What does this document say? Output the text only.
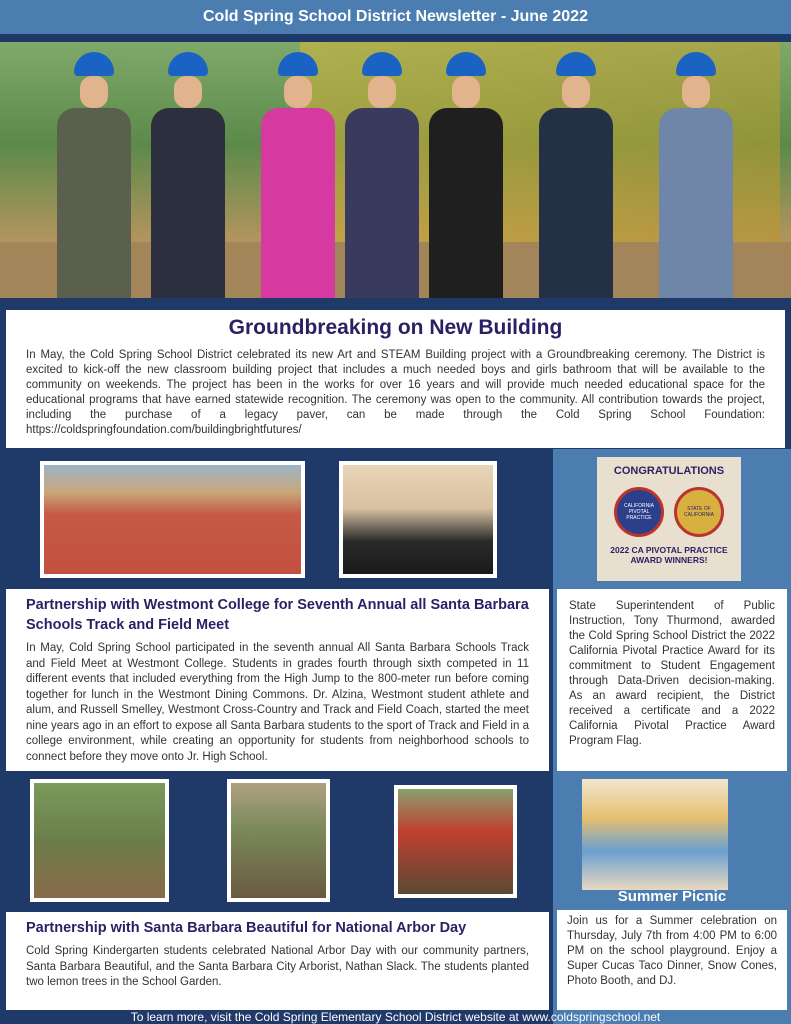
Cold Spring School District Newsletter - June 2022
Groundbreaking on New Building

In May, the Cold Spring School District celebrated its new Art and STEAM Building project with a Groundbreaking ceremony. The District is excited to kick-off the new classroom building project that includes a much needed boys and girls bathroom that will be available to the community on weekends. The project has been in the works for over 16 years and will provide much needed educational space for the educational programs that have earned statewide recognition. The ceremony was open to the community. All contribution towards the project, including the purchase of a legacy paver, can be made through the Cold Spring School Foundation: https://coldspringfoundation.com/buildingbrightfutures/

CONGRATULATIONS
CALIFORNIA PIVOTAL PRACTICE
STATE OF CALIFORNIA
2022 CA PIVOTAL PRACTICE AWARD WINNERS!
Partnership with Westmont College for Seventh Annual all Santa Barbara Schools Track and Field Meet

In May, Cold Spring School participated in the seventh annual All Santa Barbara Schools Track and Field Meet at Westmont College. Students in grades fourth through sixth competed in 11 different events that included everything from the High Jump to the 800-meter run before coming together for lunch in the Westmont Dining Commons. Dr. Alzina, Westmont student athlete and alum, and Russell Smelley, Westmont Cross-Country and Track and Field Coach, started the meet nine years ago in an effort to expose all Santa Barbara students to the sport of Track and Field in a college environment, while creating an opportunity for students from neighborhood schools to connect before they move onto Jr. High School.

State Superintendent of Public Instruction, Tony Thurmond, awarded the Cold Spring School District the 2022 California Pivotal Practice Award for its commitment to Student Engagement through Data-Driven decision-making. As an award recipient, the District received a certificate and a 2022 California Pivotal Practice Award Program Flag.
Summer Picnic
Partnership with Santa Barbara Beautiful for National Arbor Day

Cold Spring Kindergarten students celebrated National Arbor Day with our community partners, Santa Barbara Beautiful, and the Santa Barbara City Arborist, Nathan Slack. The students planted two lemon trees in the School Garden.

Join us for a Summer celebration on Thursday, July 7th from 4:00 PM to 6:00 PM on the school playground. Enjoy a Super Cucas Taco Dinner, Snow Cones, Photo Booth, and DJ.
To learn more, visit the Cold Spring Elementary School District website at www.coldspringschool.net
